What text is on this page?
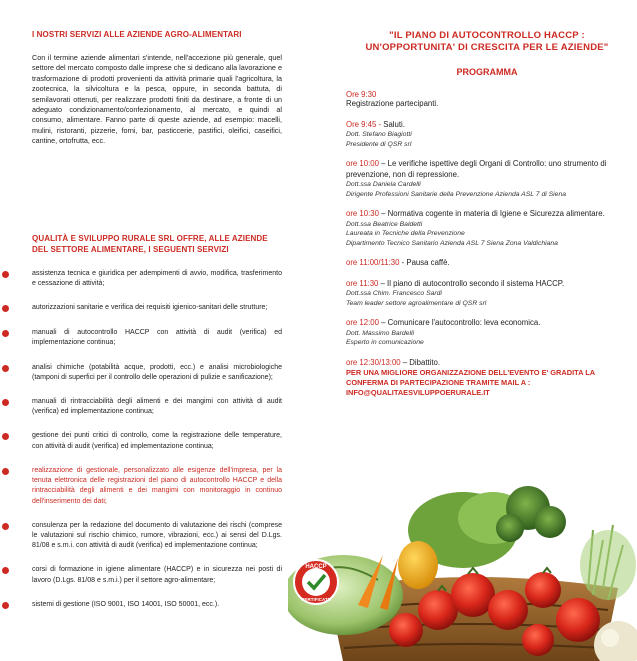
I NOSTRI SERVIZI ALLE AZIENDE AGRO-ALIMENTARI
Con il termine aziende alimentari s'intende, nell'accezione più generale, quel settore del mercato composto dalle imprese che si dedicano alla lavorazione e trasformazione di prodotti provenienti da attività primarie quali l'agricoltura, la zootecnica, la silvicoltura e la pesca, oppure, in seconda battuta, di semilavorati ottenuti, per realizzare prodotti finiti da destinare, a fronte di un adeguato condizionamento/confezionamento, al mercato, e quindi al consumo, alimentare. Fanno parte di queste aziende, ad esempio: macelli, mulini, ristoranti, pizzerie, forni, bar, pasticcerie, pastifici, oleifici, caseifici, cantine, ortofrutta, ecc.
QUALITÀ E SVILUPPO RURALE SRL OFFRE, ALLE AZIENDE DEL SETTORE ALIMENTARE, I SEGUENTI SERVIZI
assistenza tecnica e giuridica per adempimenti di avvio, modifica, trasferimento e cessazione di attività;
autorizzazioni sanitarie e verifica dei requisiti igienico-sanitari delle strutture;
manuali di autocontrollo HACCP con attività di audit (verifica) ed implementazione continua;
analisi chimiche (potabilità acque, prodotti, ecc.) e analisi microbiologiche (tamponi di superfici per il controllo delle operazioni di pulizie e sanificazione);
manuali di rintracciabilità degli alimenti e dei mangimi con attività di audit (verifica) ed implementazione continua;
gestione dei punti critici di controllo, come la registrazione delle temperature, con attività di audit (verifica) ed implementazione continua;
realizzazione di gestionale, personalizzato alle esigenze dell'impresa, per la tenuta elettronica delle registrazioni del piano di autocontrollo HACCP e della rintracciabilità degli alimenti e dei mangimi con monitoraggio in continuo dell'inserimento dei dati;
consulenza per la redazione del documento di valutazione dei rischi (comprese le valutazioni sul rischio chimico, rumore, vibrazioni, ecc.) ai sensi del D.Lgs. 81/08 e s.m.i. con attività di audit (verifica) ed implementazione continua;
corsi di formazione in igiene alimentare (HACCP) e in sicurezza nei posti di lavoro (D.Lgs. 81/08 e s.m.i.) per il settore agro-alimentare;
sistemi di gestione (ISO 9001, ISO 14001, ISO 50001, ecc.).
"IL PIANO DI AUTOCONTROLLO HACCP :
UN'OPPORTUNITA' DI CRESCITA PER LE AZIENDE"
PROGRAMMA
Ore 9:30
Registrazione partecipanti.
Ore 9:45 - Saluti.
Dott. Stefano Biagiotti
Presidente di QSR srl
ore 10:00 – Le verifiche ispettive degli Organi di Controllo: uno strumento di prevenzione, non di repressione.
Dott.ssa Daniela Cardelli
Dirigente Professioni Sanitarie della Prevenzione Azienda ASL 7 di Siena
ore 10:30 – Normativa cogente in materia di Igiene e Sicurezza alimentare.
Dott.ssa Beatrice Baldetti
Laureata in Tecniche della Prevenzione
Dipartimento Tecnico Sanitario Azienda ASL 7 Siena Zona Valdichiana
ore 11:00/11:30 - Pausa caffè.
ore 11:30 – Il piano di autocontrollo secondo il sistema HACCP.
Dott.ssa Chim. Francesco Sardi
Team leader settore agroalimentare di QSR srl
ore 12:00 – Comunicare l'autocontrollo: leva economica.
Dott. Massimo Bardelli
Esperto in comunicazione
ore 12:30/13:00 – Dibattito.
PER UNA MIGLIORE ORGANIZZAZIONE DELL'EVENTO E' GRADITA LA CONFERMA DI PARTECIPAZIONE TRAMITE MAIL A : INFO@QUALITAESVILUPPOERURALE.IT
HACCP
CERTIFICATE
